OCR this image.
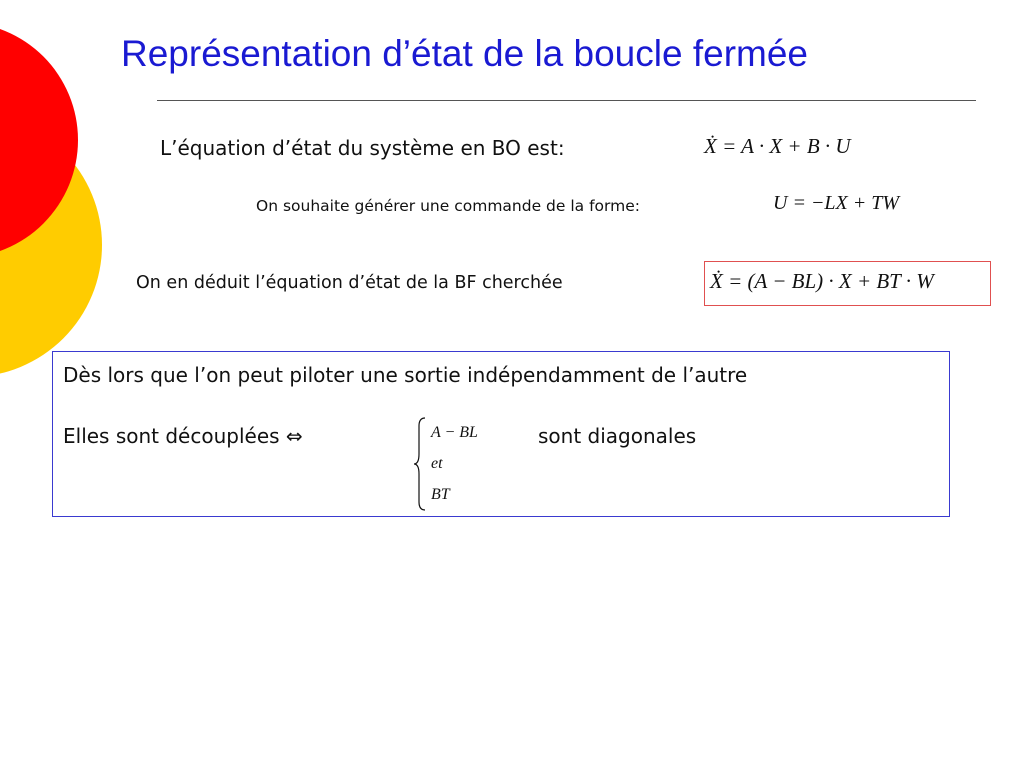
Représentation d’état de la boucle fermée
L’équation d’état du système en BO est:	Ẋ = A · X + B · U
On souhaite générer une commande de la forme:	U = −LX + TW
On en déduit l’équation d’état de la BF cherchée	Ẋ = (A − BL) · X + BT · W
Dès lors que l’on peut piloter une sortie indépendamment de l’autre
Elles sont découplées ⇔	A − BL
et
BT
sont diagonales
